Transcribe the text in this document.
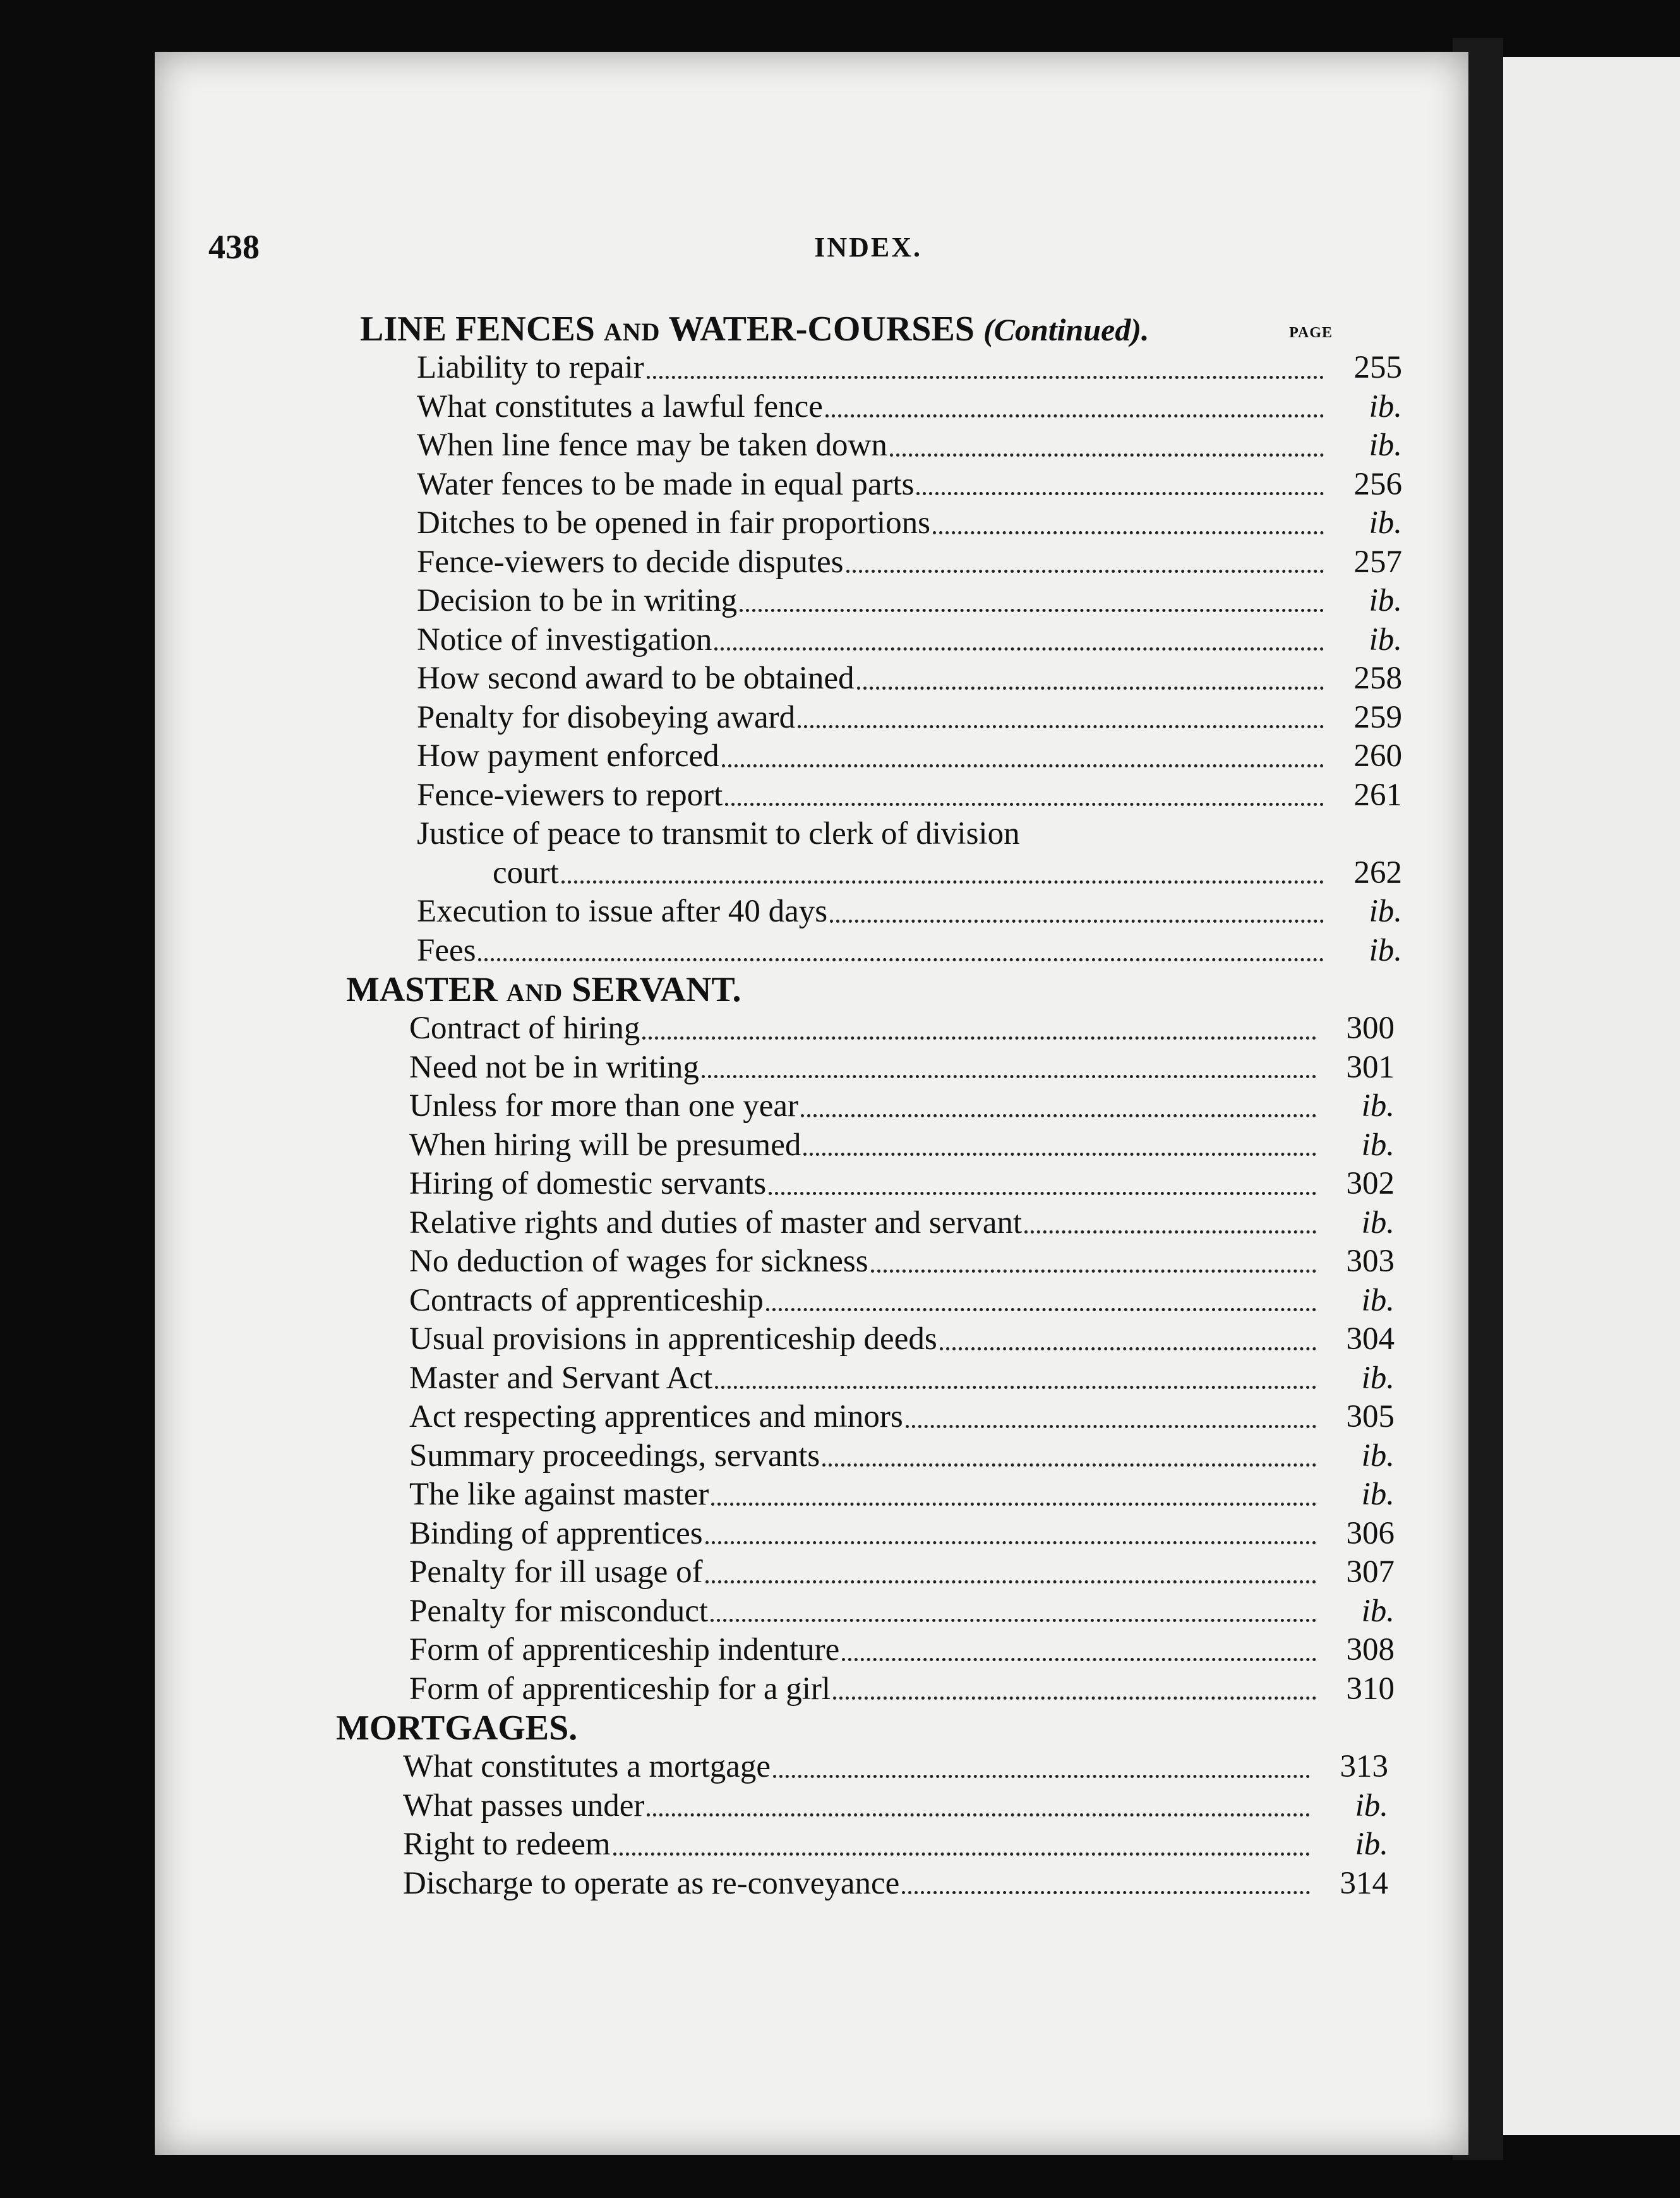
438	INDEX.
LINE FENCES AND WATER-COURSES (Continued).	PAGE
Liability to repair	255
What constitutes a lawful fence	ib.
When line fence may be taken down	ib.
Water fences to be made in equal parts	256
Ditches to be opened in fair proportions	ib.
Fence-viewers to decide disputes	257
Decision to be in writing	ib.
Notice of investigation	ib.
How second award to be obtained	258
Penalty for disobeying award	259
How payment enforced	260
Fence-viewers to report	261
Justice of peace to transmit to clerk of division
court	262
Execution to issue after 40 days	ib.
Fees	ib.
MASTER AND SERVANT.
Contract of hiring	300
Need not be in writing	301
Unless for more than one year	ib.
When hiring will be presumed	ib.
Hiring of domestic servants	302
Relative rights and duties of master and servant	ib.
No deduction of wages for sickness	303
Contracts of apprenticeship	ib.
Usual provisions in apprenticeship deeds	304
Master and Servant Act	ib.
Act respecting apprentices and minors	305
Summary proceedings, servants	ib.
The like against master	ib.
Binding of apprentices	306
Penalty for ill usage of	307
Penalty for misconduct	ib.
Form of apprenticeship indenture	308
Form of apprenticeship for a girl	310
MORTGAGES.
What constitutes a mortgage	313
What passes under	ib.
Right to redeem	ib.
Discharge to operate as re-conveyance	314
